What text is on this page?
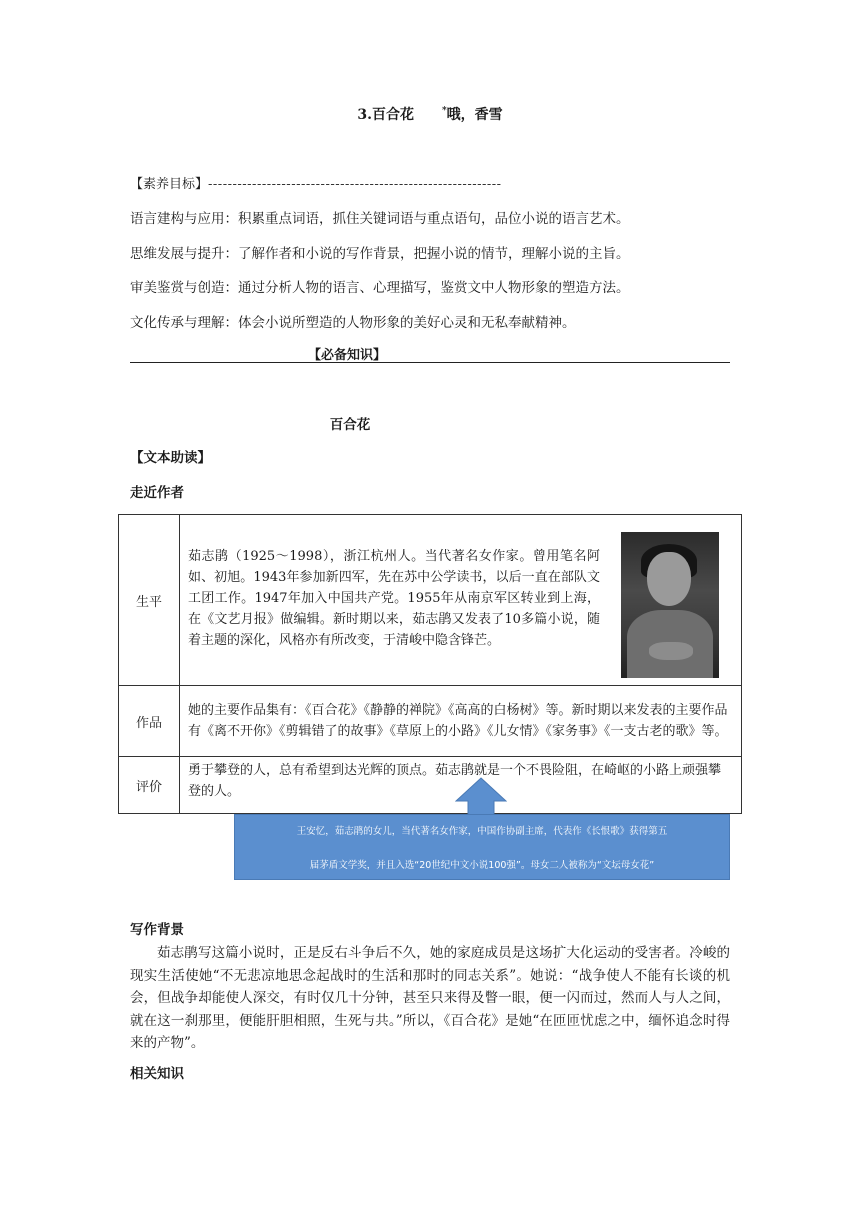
3.百合花	*哦，香雪
【素养目标】------------------------------------------------------------
语言建构与应用：积累重点词语，抓住关键词语与重点语句，品位小说的语言艺术。
思维发展与提升：了解作者和小说的写作背景，把握小说的情节，理解小说的主旨。
审美鉴赏与创造：通过分析人物的语言、心理描写，鉴赏文中人物形象的塑造方法。
文化传承与理解：体会小说所塑造的人物形象的美好心灵和无私奉献精神。
【必备知识】
百合花
【文本助读】
走近作者
生平	茹志鹃（1925～1998），浙江杭州人。当代著名女作家。曾用笔名阿如、初旭。1943年参加新四军，先在苏中公学读书，以后一直在部队文工团工作。1947年加入中国共产党。1955年从南京军区转业到上海，在《文艺月报》做编辑。新时期以来，茹志鹃又发表了10多篇小说，随着主题的深化，风格亦有所改变，于清峻中隐含锋芒。

作品	她的主要作品集有：《百合花》《静静的禅院》《高高的白杨树》等。新时期以来发表的主要作品有《离不开你》《剪辑错了的故事》《草原上的小路》《儿女情》《家务事》《一支古老的歌》等。
评价	勇于攀登的人，总有希望到达光辉的顶点。茹志鹃就是一个不畏险阻，在崎岖的小路上顽强攀登的人。
王安忆，茹志鹃的女儿，当代著名女作家，中国作协副主席，代表作《长恨歌》获得第五
届茅盾文学奖，并且入选“20世纪中文小说100强”。母女二人被称为“文坛母女花”
写作背景
茹志鹃写这篇小说时，正是反右斗争后不久，她的家庭成员是这场扩大化运动的受害者。冷峻的现实生活使她“不无悲凉地思念起战时的生活和那时的同志关系”。她说：“战争使人不能有长谈的机会，但战争却能使人深交，有时仅几十分钟，甚至只来得及瞥一眼，便一闪而过，然而人与人之间，就在这一刹那里，便能肝胆相照，生死与共。”所以，《百合花》是她“在匝匝忧虑之中，缅怀追念时得来的产物”。
相关知识
